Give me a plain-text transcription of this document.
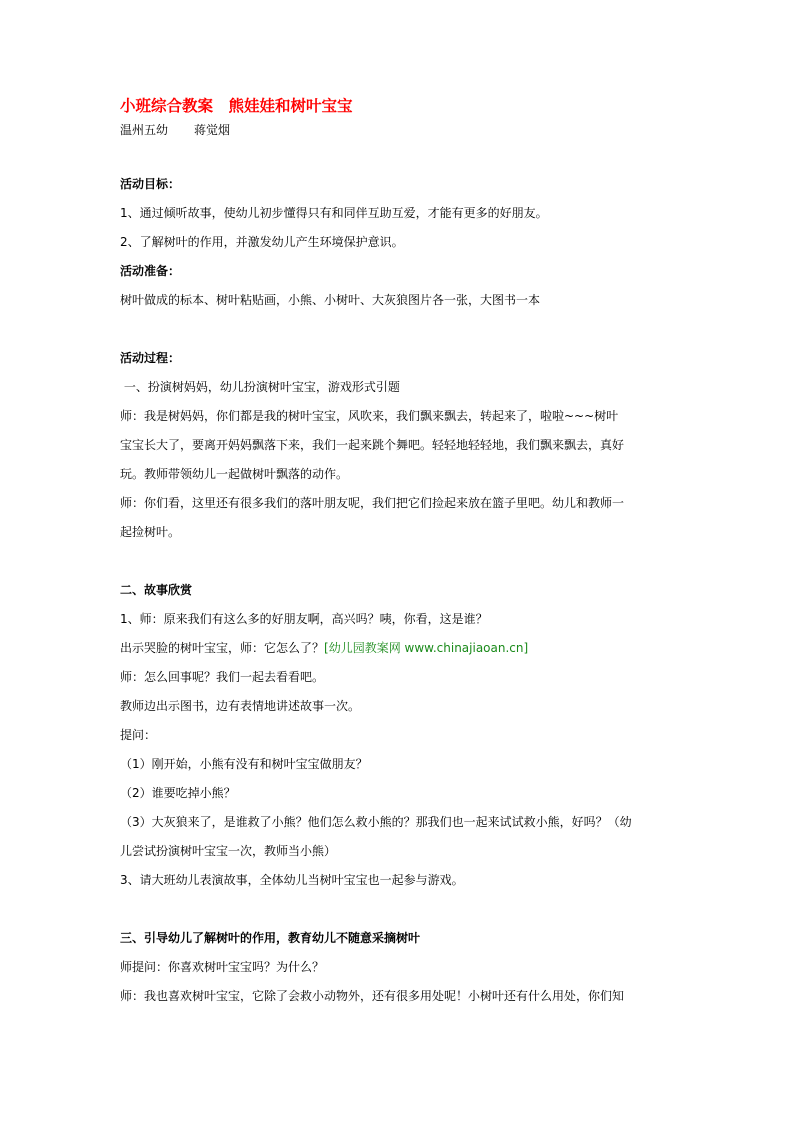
小班综合教案　熊娃娃和树叶宝宝
温州五幼 蒋觉烟
活动目标：
1、通过倾听故事，使幼儿初步懂得只有和同伴互助互爱，才能有更多的好朋友。
2、了解树叶的作用，并激发幼儿产生环境保护意识。
活动准备：
树叶做成的标本、树叶粘贴画，小熊、小树叶、大灰狼图片各一张，大图书一本
活动过程：
一、扮演树妈妈，幼儿扮演树叶宝宝，游戏形式引题
师：我是树妈妈，你们都是我的树叶宝宝，风吹来，我们飘来飘去，转起来了，啦啦~~~树叶
宝宝长大了，要离开妈妈飘落下来，我们一起来跳个舞吧。轻轻地轻轻地，我们飘来飘去，真好
玩。教师带领幼儿一起做树叶飘落的动作。
师：你们看，这里还有很多我们的落叶朋友呢，我们把它们捡起来放在篮子里吧。幼儿和教师一
起捡树叶。
二、故事欣赏
1、师：原来我们有这么多的好朋友啊，高兴吗？咦，你看，这是谁？
出示哭脸的树叶宝宝，师：它怎么了？[幼儿园教案网 www.chinajiaoan.cn]
师：怎么回事呢？我们一起去看看吧。
教师边出示图书，边有表情地讲述故事一次。
提问：
（1）刚开始，小熊有没有和树叶宝宝做朋友？
（2）谁要吃掉小熊？
（3）大灰狼来了，是谁救了小熊？他们怎么救小熊的？那我们也一起来试试救小熊，好吗？（幼
儿尝试扮演树叶宝宝一次，教师当小熊）
3、请大班幼儿表演故事，全体幼儿当树叶宝宝也一起参与游戏。
三、引导幼儿了解树叶的作用，教育幼儿不随意采摘树叶
师提问：你喜欢树叶宝宝吗？为什么？
师：我也喜欢树叶宝宝，它除了会救小动物外，还有很多用处呢！小树叶还有什么用处，你们知
